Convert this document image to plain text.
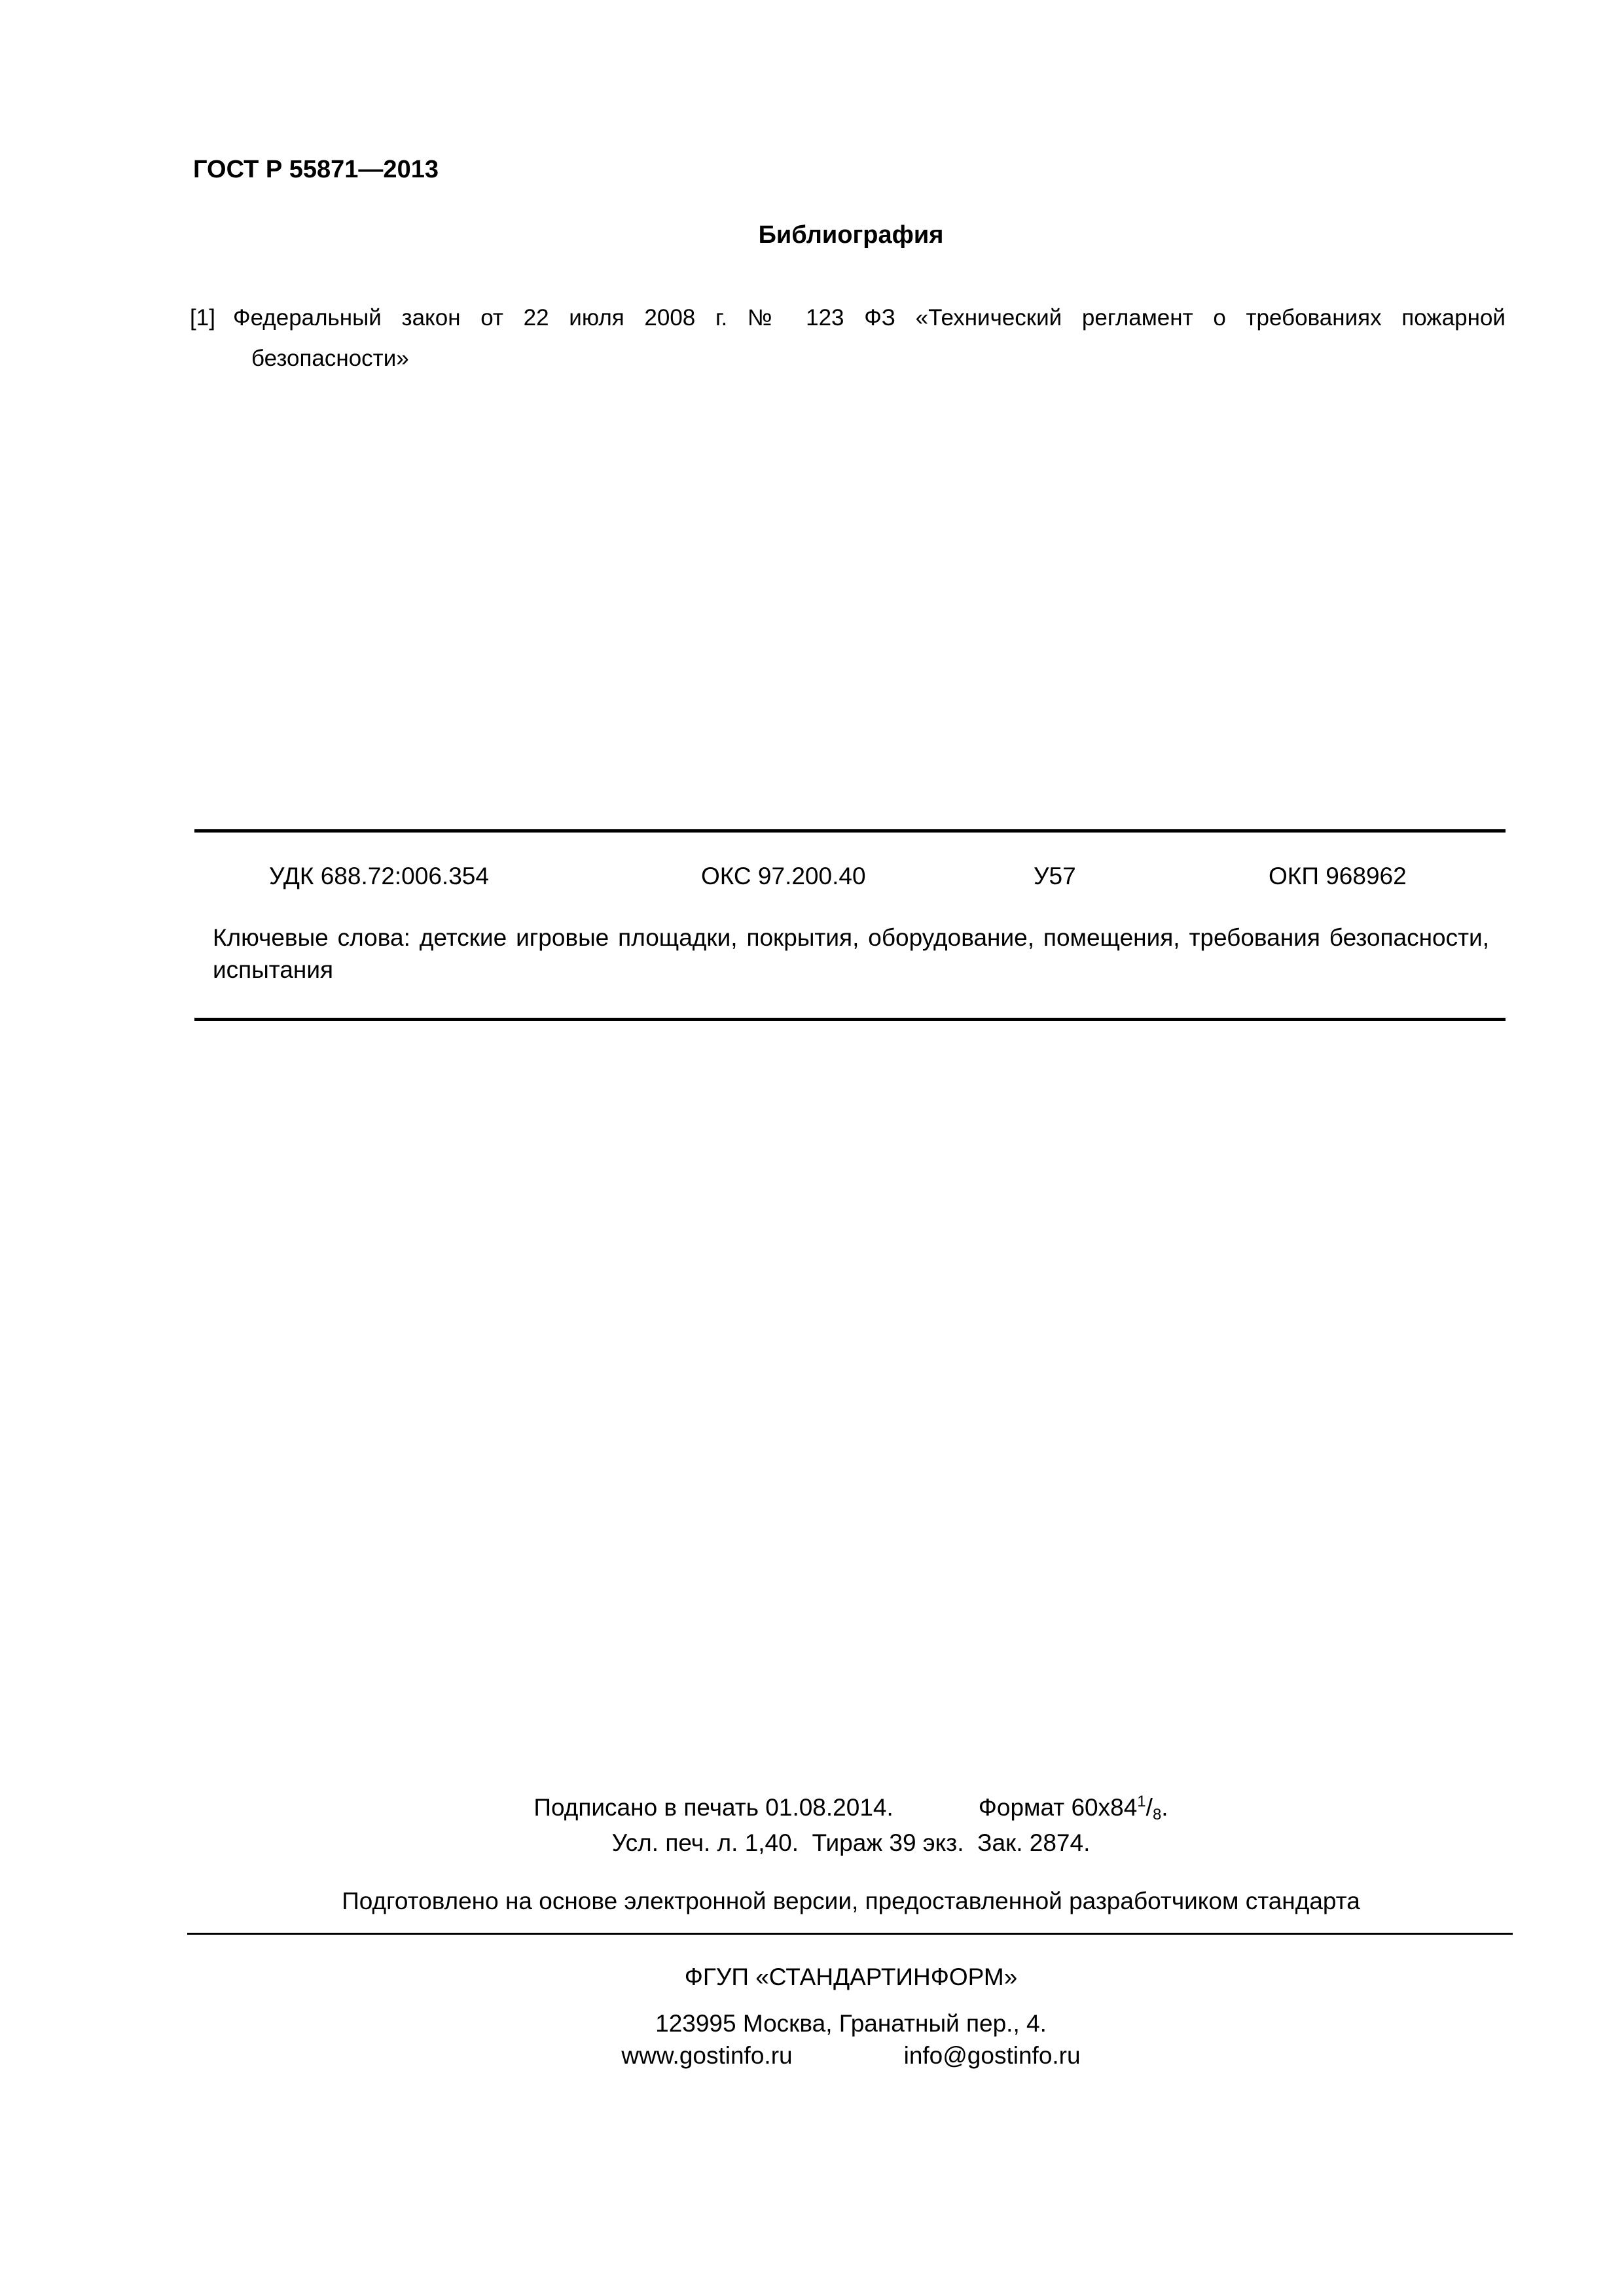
ГОСТ Р 55871—2013
Библиография
[1] Федеральный закон от 22 июля 2008 г. № 123 ФЗ «Технический регламент о требованиях пожарной
безопасности»
УДК 688.72:006.354	ОКС 97.200.40	У57	ОКП 968962
Ключевые слова: детские игровые площадки, покрытия, оборудование, помещения, требования безопасности, испытания
Подписано в печать 01.08.2014.	Формат $60х84^1/_8$.
Усл. печ. л. 1,40.  Тираж 39 экз.  Зак. 2874.
Подготовлено на основе электронной версии, предоставленной разработчиком стандарта
ФГУП «СТАНДАРТИНФОРМ»
123995 Москва, Гранатный пер., 4.
www.gostinfo.ru	info@gostinfo.ru
